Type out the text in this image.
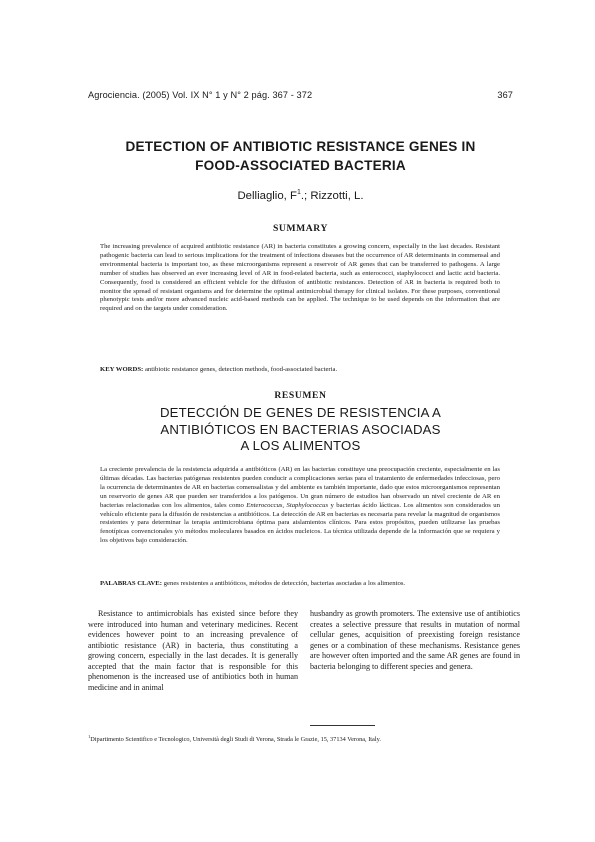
Agrociencia. (2005) Vol. IX N° 1 y N° 2 pág. 367 - 372	367
DETECTION OF ANTIBIOTIC RESISTANCE GENES IN
FOOD-ASSOCIATED BACTERIA
Delliaglio, $F^1$.; Rizzotti, L.
SUMMARY

The increasing prevalence of acquired antibiotic resistance (AR) in bacteria constitutes a growing concern, especially in the last decades. Resistant pathogenic bacteria can lead to serious implications for the treatment of infections diseases but the occurrence of AR determinants in commensal and environmental bacteria is important too, as these microorganisms represent a reservoir of AR genes that can be transferred to pathogens. A large number of studies has observed an ever increasing level of AR in food-related bacteria, such as enterococci, staphylococci and lactic acid bacteria. Consequently, food is considered an efficient vehicle for the diffusion of antibiotic resistances. Detection of AR in bacteria is required both to monitor the spread of resistant organisms and for determine the optimal antimicrobial therapy for clinical isolates. For these purposes, conventional phenotypic tests and/or more advanced nucleic acid-based methods can be applied. The technique to be used depends on the information that are required and on the targets under consideration.

KEY WORDS: antibiotic resistance genes, detection methods, food-associated bacteria.

RESUMEN
DETECCIÓN DE GENES DE RESISTENCIA A
ANTIBIÓTICOS EN BACTERIAS ASOCIADAS
A LOS ALIMENTOS

La creciente prevalencia de la resistencia adquirida a antibióticos (AR) en las bacterias constituye una preocupación creciente, especialmente en las últimas décadas. Las bacterias patógenas resistentes pueden conducir a complicaciones serias para el tratamiento de enfermedades infecciosas, pero la ocurrencia de determinantes de AR en bacterias comensalistas y del ambiente es también importante, dado que estos microorganismos representan un reservorio de genes AR que pueden ser transferidos a los patógenos. Un gran número de estudios han observado un nivel creciente de AR en bacterias relacionadas con los alimentos, tales como Enterococcus, Staphylococcus y bacterias ácido lácticas. Los alimentos son considerados un vehículo eficiente para la difusión de resistencias a antibióticos. La detección de AR en bacterias es necesaria para revelar la magnitud de organismos resistentes y para determinar la terapia antimicrobiana óptima para aislamientos clínicos. Para estos propósitos, pueden utilizarse las pruebas fenotípicas convencionales y/o métodos moleculares basados en ácidos nucleicos. La técnica utilizada depende de la información que se requiera y los objetivos bajo consideración.

PALABRAS CLAVE: genes resistentes a antibióticos, métodos de detección, bacterias asociadas a los alimentos.

Resistance to antimicrobials has existed since before they were introduced into human and veterinary medicines. Recent evidences however point to an increasing prevalence of antibiotic resistance (AR) in bacteria, thus constituting a growing concern, especially in the last decades. It is generally accepted that the main factor that is responsible for this phenomenon is the increased use of antibiotics both in human medicine and in animal

husbandry as growth promoters. The extensive use of antibiotics creates a selective pressure that results in mutation of normal cellular genes, acquisition of preexisting foreign resistance genes or a combination of these mechanisms. Resistance genes are however often imported and the same AR genes are found in bacteria belonging to different species and genera.

$^1$Dipartimento Scientifico e Tecnologico, Università degli Studi di Verona, Strada le Grazie, 15, 37134 Verona, Italy.
